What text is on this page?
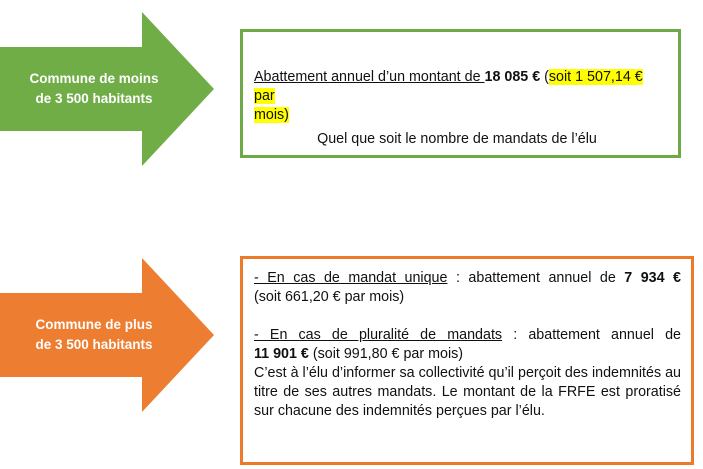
Commune de moins
de 3 500 habitants
Abattement annuel d’un montant de 18 085 € (soit 1 507,14 € par
mois)
Quel que soit le nombre de mandats de l’élu
Commune de plus
de 3 500 habitants

- En cas de mandat unique : abattement annuel de 7 934 €

(soit 661,20 € par mois)

- En cas de pluralité de mandats : abattement annuel de

11 901 € (soit 991,80 € par mois)

C’est à l’élu d’informer sa collectivité qu’il perçoit des indemnités au titre de ses autres mandats. Le montant de la FRFE est proratisé sur chacune des indemnités perçues par l’élu.
